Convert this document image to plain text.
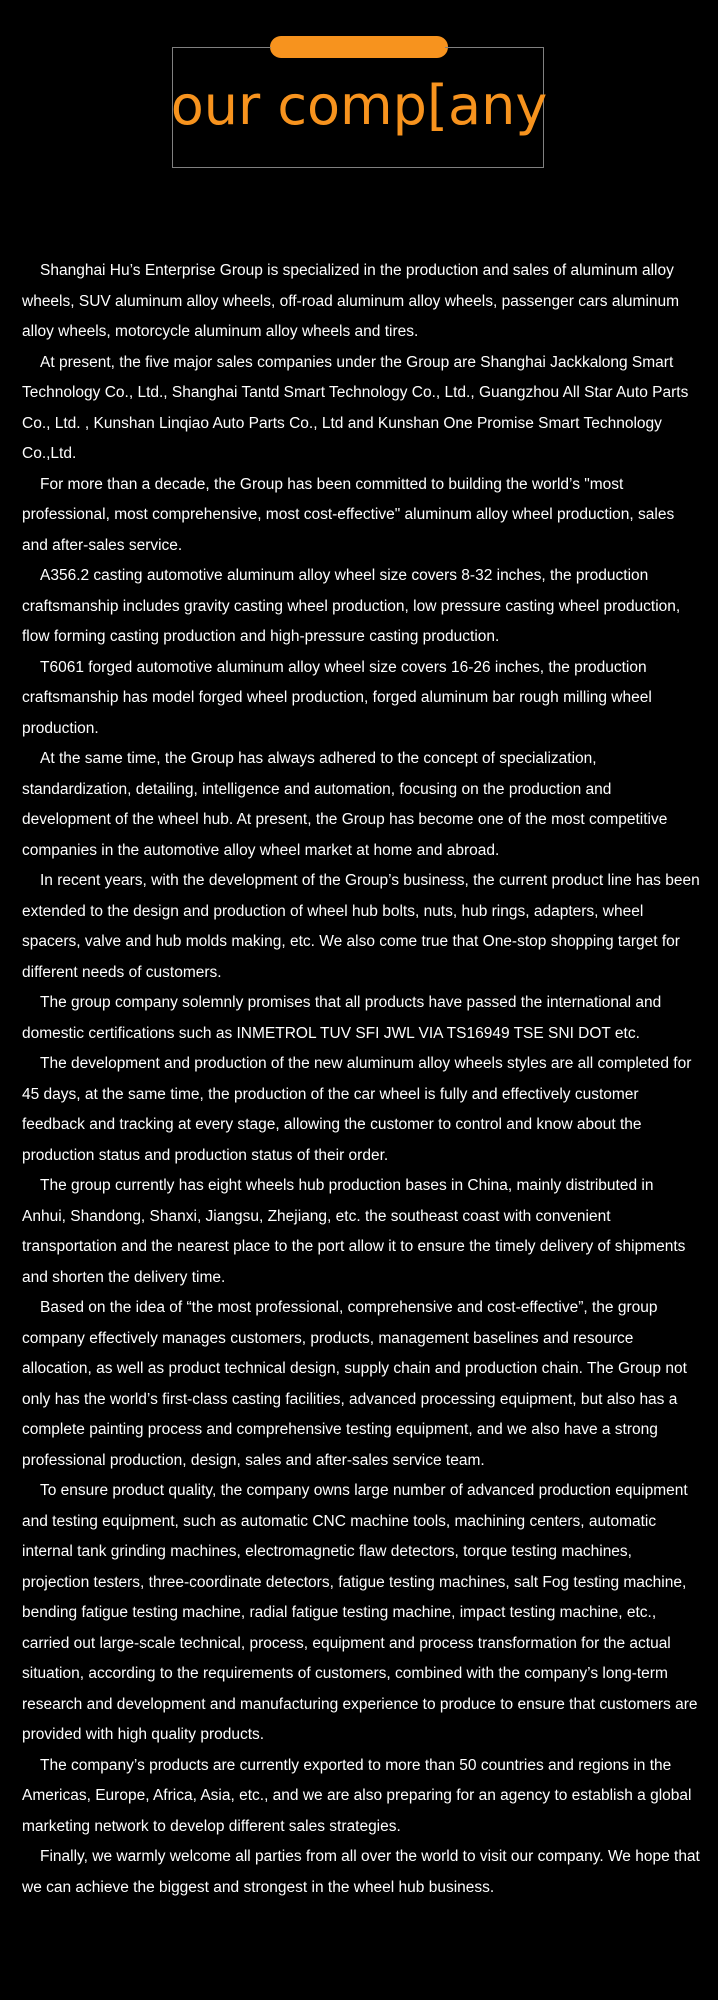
our comp[any

Shanghai Hu’s Enterprise Group is specialized in the production and sales of aluminum alloy wheels, SUV aluminum alloy wheels, off-road aluminum alloy wheels, passenger cars aluminum alloy wheels, motorcycle aluminum alloy wheels and tires.

At present, the five major sales companies under the Group are Shanghai Jackkalong Smart Technology Co., Ltd., Shanghai Tantd Smart Technology Co., Ltd., Guangzhou All Star Auto Parts Co., Ltd. , Kunshan Linqiao Auto Parts Co., Ltd and Kunshan One Promise Smart Technology Co.,Ltd.

For more than a decade, the Group has been committed to building the world’s "most professional, most comprehensive, most cost-effective" aluminum alloy wheel production, sales and after-sales service.

A356.2 casting automotive aluminum alloy wheel size covers 8-32 inches, the production craftsmanship includes gravity casting wheel production, low pressure casting wheel production, flow forming casting production and high-pressure casting production.

T6061 forged automotive aluminum alloy wheel size covers 16-26 inches, the production craftsmanship has model forged wheel production, forged aluminum bar rough milling wheel production.

At the same time, the Group has always adhered to the concept of specialization, standardization, detailing, intelligence and automation, focusing on the production and development of the wheel hub. At present, the Group has become one of the most competitive companies in the automotive alloy wheel market at home and abroad.

In recent years, with the development of the Group’s business, the current product line has been extended to the design and production of wheel hub bolts, nuts, hub rings, adapters, wheel spacers, valve and hub molds making, etc. We also come true that One-stop shopping target for different needs of customers.

The group company solemnly promises that all products have passed the international and domestic certifications such as INMETROL TUV SFI JWL VIA TS16949 TSE SNI DOT etc.

The development and production of the new aluminum alloy wheels styles are all completed for 45 days, at the same time, the production of the car wheel is fully and effectively customer feedback and tracking at every stage, allowing the customer to control and know about the production status and production status of their order.

The group currently has eight wheels hub production bases in China, mainly distributed in Anhui, Shandong, Shanxi, Jiangsu, Zhejiang, etc. the southeast coast with convenient transportation and the nearest place to the port allow it to ensure the timely delivery of shipments and shorten the delivery time.

Based on the idea of “the most professional, comprehensive and cost-effective”, the group company effectively manages customers, products, management baselines and resource allocation, as well as product technical design, supply chain and production chain. The Group not only has the world’s first-class casting facilities, advanced processing equipment, but also has a complete painting process and comprehensive testing equipment, and we also have a strong professional production, design, sales and after-sales service team.

To ensure product quality, the company owns large number of advanced production equipment and testing equipment, such as automatic CNC machine tools, machining centers, automatic internal tank grinding machines, electromagnetic flaw detectors, torque testing machines, projection testers, three-coordinate detectors, fatigue testing machines, salt Fog testing machine, bending fatigue testing machine, radial fatigue testing machine, impact testing machine, etc., carried out large-scale technical, process, equipment and process transformation for the actual situation, according to the requirements of customers, combined with the company’s long-term research and development and manufacturing experience to produce to ensure that customers are provided with high quality products.

The company’s products are currently exported to more than 50 countries and regions in the Americas, Europe, Africa, Asia, etc., and we are also preparing for an agency to establish a global marketing network to develop different sales strategies.

Finally, we warmly welcome all parties from all over the world to visit our company. We hope that we can achieve the biggest and strongest in the wheel hub business.
